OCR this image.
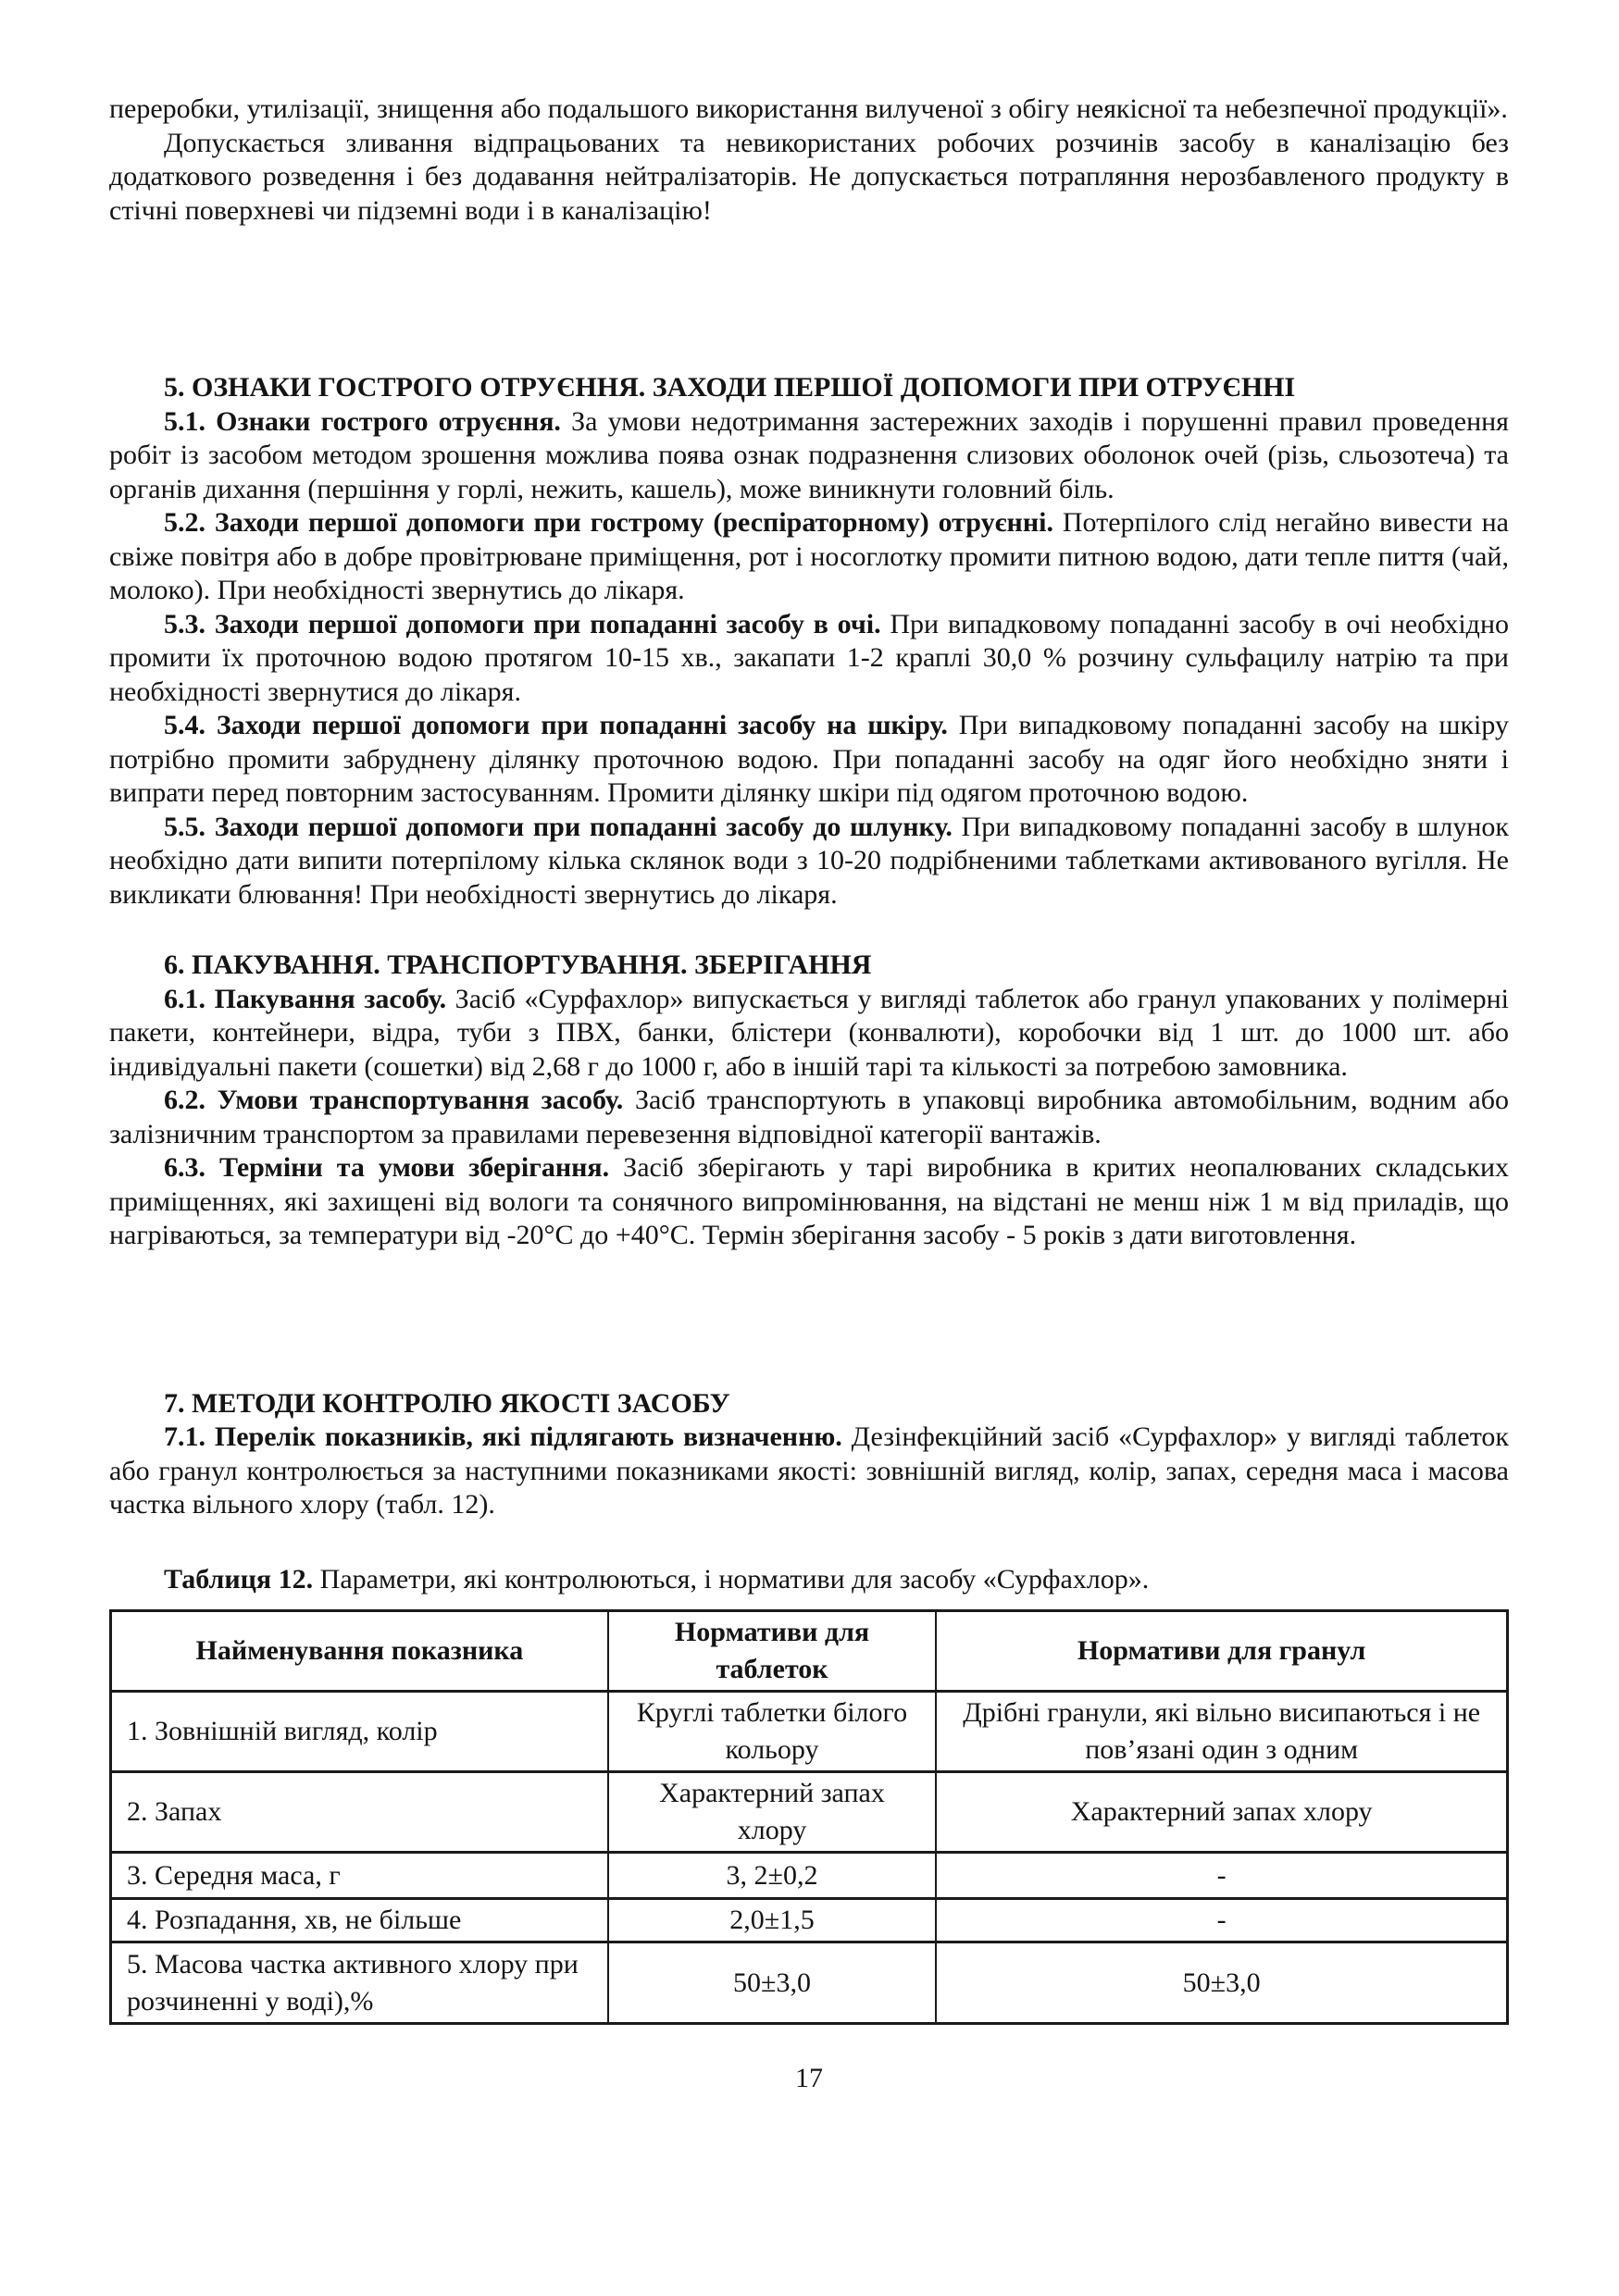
переробки, утилізації, знищення або подальшого використання вилученої з обігу неякісної та небезпечної продукції».

Допускається зливання відпрацьованих та невикористаних робочих розчинів засобу в каналізацію без додаткового розведення і без додавання нейтралізаторів. Не допускається потрапляння нерозбавленого продукту в стічні поверхневі чи підземні води і в каналізацію!

5. ОЗНАКИ ГОСТРОГО ОТРУЄННЯ. ЗАХОДИ ПЕРШОЇ ДОПОМОГИ ПРИ ОТРУЄННІ

5.1. Ознаки гострого отруєння. За умови недотримання застережних заходів і порушенні правил проведення робіт із засобом методом зрошення можлива поява ознак подразнення слизових оболонок очей (різь, сльозотеча) та органів дихання (першіння у горлі, нежить, кашель), може виникнути головний біль.

5.2. Заходи першої допомоги при гострому (респіраторному) отруєнні. Потерпілого слід негайно вивести на свіже повітря або в добре провітрюване приміщення, рот і носоглотку промити питною водою, дати тепле пиття (чай, молоко). При необхідності звернутись до лікаря.

5.3. Заходи першої допомоги при попаданні засобу в очі. При випадковому попаданні засобу в очі необхідно промити їх проточною водою протягом 10-15 хв., закапати 1-2 краплі 30,0 % розчину сульфацилу натрію та при необхідності звернутися до лікаря.

5.4. Заходи першої допомоги при попаданні засобу на шкіру. При випадковому попаданні засобу на шкіру потрібно промити забруднену ділянку проточною водою. При попаданні засобу на одяг його необхідно зняти і випрати перед повторним застосуванням. Промити ділянку шкіри під одягом проточною водою.

5.5. Заходи першої допомоги при попаданні засобу до шлунку. При випадковому попаданні засобу в шлунок необхідно дати випити потерпілому кілька склянок води з 10-20 подрібненими таблетками активованого вугілля. Не викликати блювання! При необхідності звернутись до лікаря.

6. ПАКУВАННЯ. ТРАНСПОРТУВАННЯ. ЗБЕРІГАННЯ

6.1. Пакування засобу. Засіб «Сурфахлор» випускається у вигляді таблеток або гранул упакованих у полімерні пакети, контейнери, відра, туби з ПВХ, банки, блістери (конвалюти), коробочки від 1 шт. до 1000 шт. або індивідуальні пакети (сошетки) від 2,68 г до 1000 г, або в іншій тарі та кількості за потребою замовника.

6.2. Умови транспортування засобу. Засіб транспортують в упаковці виробника автомобільним, водним або залізничним транспортом за правилами перевезення відповідної категорії вантажів.

6.3. Терміни та умови зберігання. Засіб зберігають у тарі виробника в критих неопалюваних складських приміщеннях, які захищені від вологи та сонячного випромінювання, на відстані не менш ніж 1 м від приладів, що нагріваються, за температури від -20°С до +40°С. Термін зберігання засобу - 5 років з дати виготовлення.

7. МЕТОДИ КОНТРОЛЮ ЯКОСТІ ЗАСОБУ

7.1. Перелік показників, які підлягають визначенню. Дезінфекційний засіб «Сурфахлор» у вигляді таблеток або гранул контролюється за наступними показниками якості: зовнішній вигляд, колір, запах, середня маса і масова частка вільного хлору (табл. 12).

Таблиця 12. Параметри, які контролюються, і нормативи для засобу «Сурфахлор».

Найменування показника	Нормативи для таблеток	Нормативи для гранул
1. Зовнішній вигляд, колір	Круглі таблетки білого кольору	Дрібні гранули, які вільно висипаються і не пов’язані один з одним
2. Запах	Характерний запах хлору	Характерний запах хлору
3. Середня маса, г	3, 2±0,2	-
4. Розпадання, хв, не більше	2,0±1,5	-
5. Масова частка активного хлору при розчиненні у воді),%	50±3,0	50±3,0
17
